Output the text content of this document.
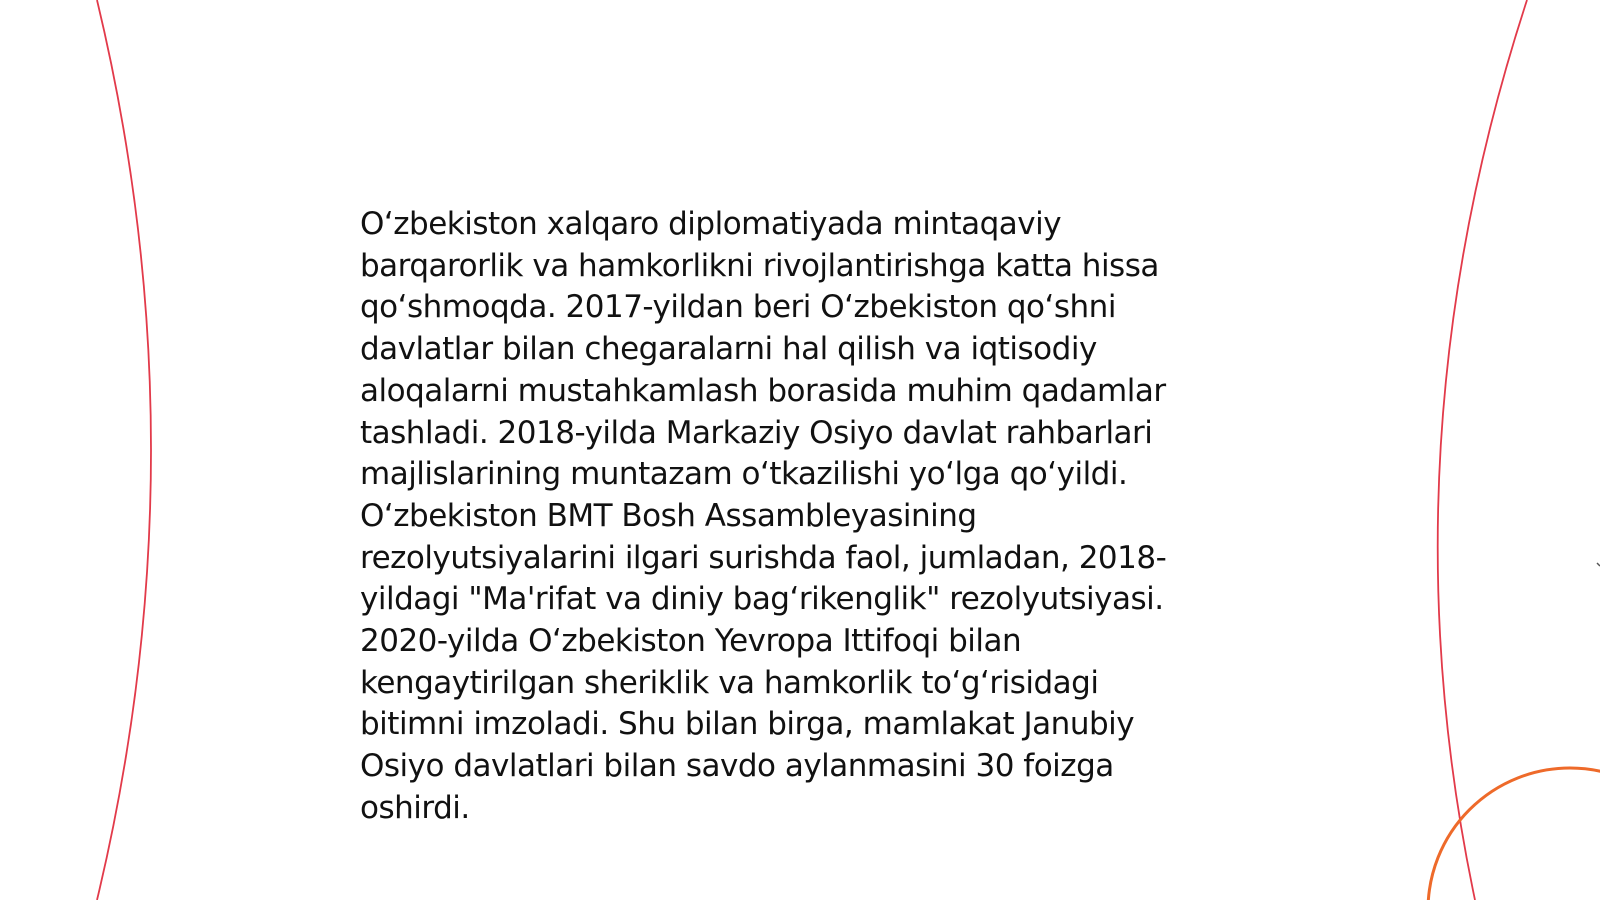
O‘zbekiston xalqaro diplomatiyada mintaqaviy
barqarorlik va hamkorlikni rivojlantirishga katta hissa
qo‘shmoqda. 2017-yildan beri O‘zbekiston qo‘shni
davlatlar bilan chegaralarni hal qilish va iqtisodiy
aloqalarni mustahkamlash borasida muhim qadamlar
tashladi. 2018-yilda Markaziy Osiyo davlat rahbarlari
majlislarining muntazam o‘tkazilishi yo‘lga qo‘yildi.
O‘zbekiston BMT Bosh Assambleyasining
rezolyutsiyalarini ilgari surishda faol, jumladan, 2018-
yildagi "Ma'rifat va diniy bag‘rikenglik" rezolyutsiyasi.
2020-yilda O‘zbekiston Yevropa Ittifoqi bilan
kengaytirilgan sheriklik va hamkorlik to‘g‘risidagi
bitimni imzoladi. Shu bilan birga, mamlakat Janubiy
Osiyo davlatlari bilan savdo aylanmasini 30 foizga
oshirdi.
